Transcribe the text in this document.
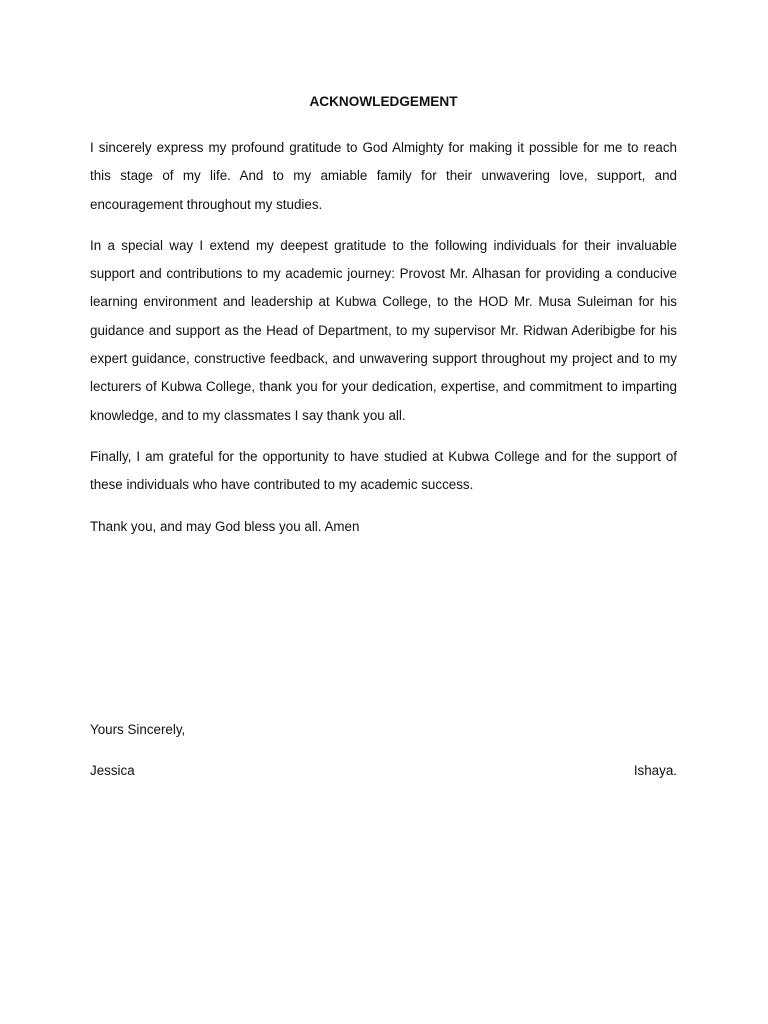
ACKNOWLEDGEMENT

I sincerely express my profound gratitude to God Almighty for making it possible for me to reach this stage of my life. And to my amiable family for their unwavering love, support, and encouragement throughout my studies.

In a special way I extend my deepest gratitude to the following individuals for their invaluable support and contributions to my academic journey: Provost Mr. Alhasan for providing a conducive learning environment and leadership at Kubwa College, to the HOD Mr. Musa Suleiman for his guidance and support as the Head of Department, to my supervisor Mr. Ridwan Aderibigbe for his expert guidance, constructive feedback, and unwavering support throughout my project and to my lecturers of Kubwa College, thank you for your dedication, expertise, and commitment to imparting knowledge, and to my classmates I say thank you all.

Finally, I am grateful for the opportunity to have studied at Kubwa College and for the support of these individuals who have contributed to my academic success.

Thank you, and may God bless you all. Amen

Yours Sincerely,
Jessica	Ishaya.
